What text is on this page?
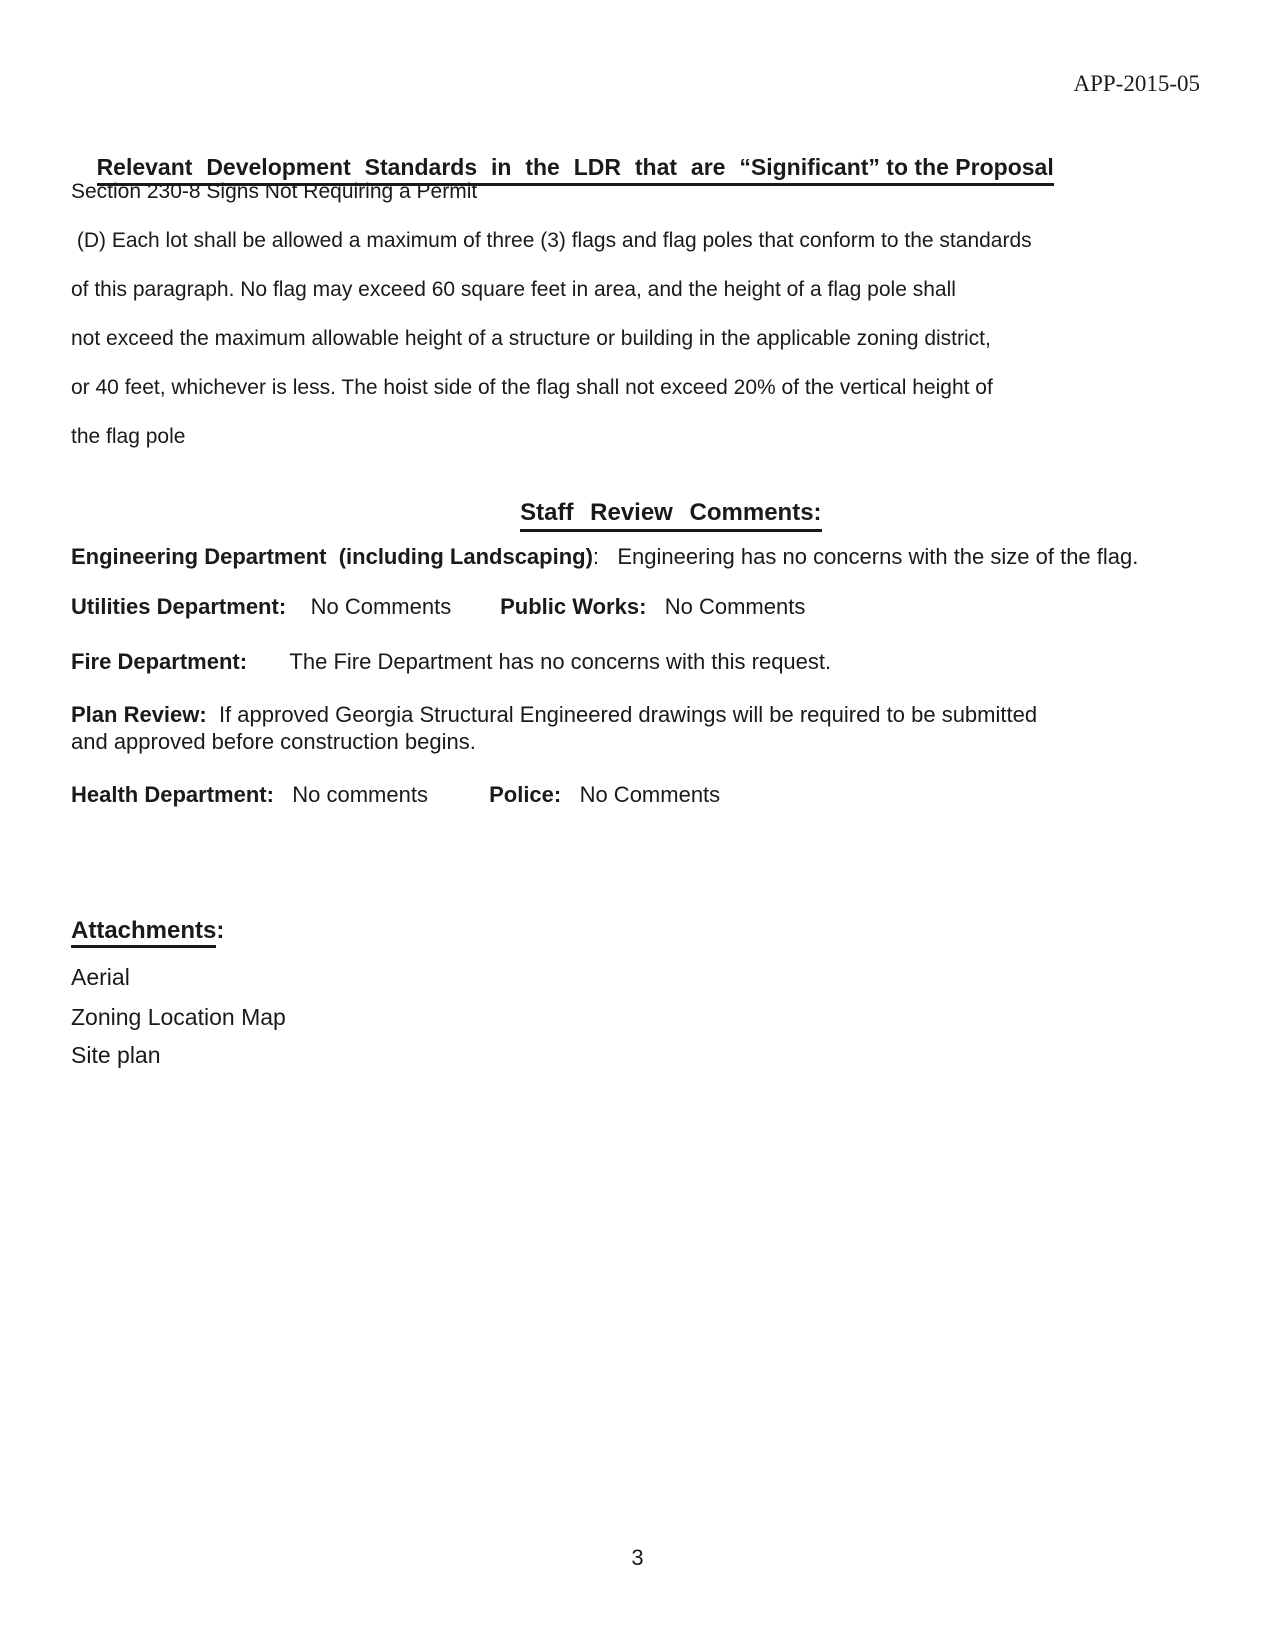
APP-2015-05

Relevant Development Standards in the LDR that are “Significant” to the Proposal

Section 230-8 Signs Not Requiring a Permit
(D) Each lot shall be allowed a maximum of three (3) flags and flag poles that conform to the standards
of this paragraph. No flag may exceed 60 square feet in area, and the height of a flag pole shall
not exceed the maximum allowable height of a structure or building in the applicable zoning district,
or 40 feet, whichever is less. The hoist side of the flag shall not exceed 20% of the vertical height of
the flag pole

Staff Review Comments:

Engineering Department  (including Landscaping):   Engineering has no concerns with the size of the flag.
Utilities Department:    No Comments        Public Works:   No Comments
Fire Department:       The Fire Department has no concerns with this request.
Plan Review:  If approved Georgia Structural Engineered drawings will be required to be submitted
and approved before construction begins.
Health Department:   No comments          Police:   No Comments
Attachments:
Aerial
Zoning Location Map
Site plan
3
